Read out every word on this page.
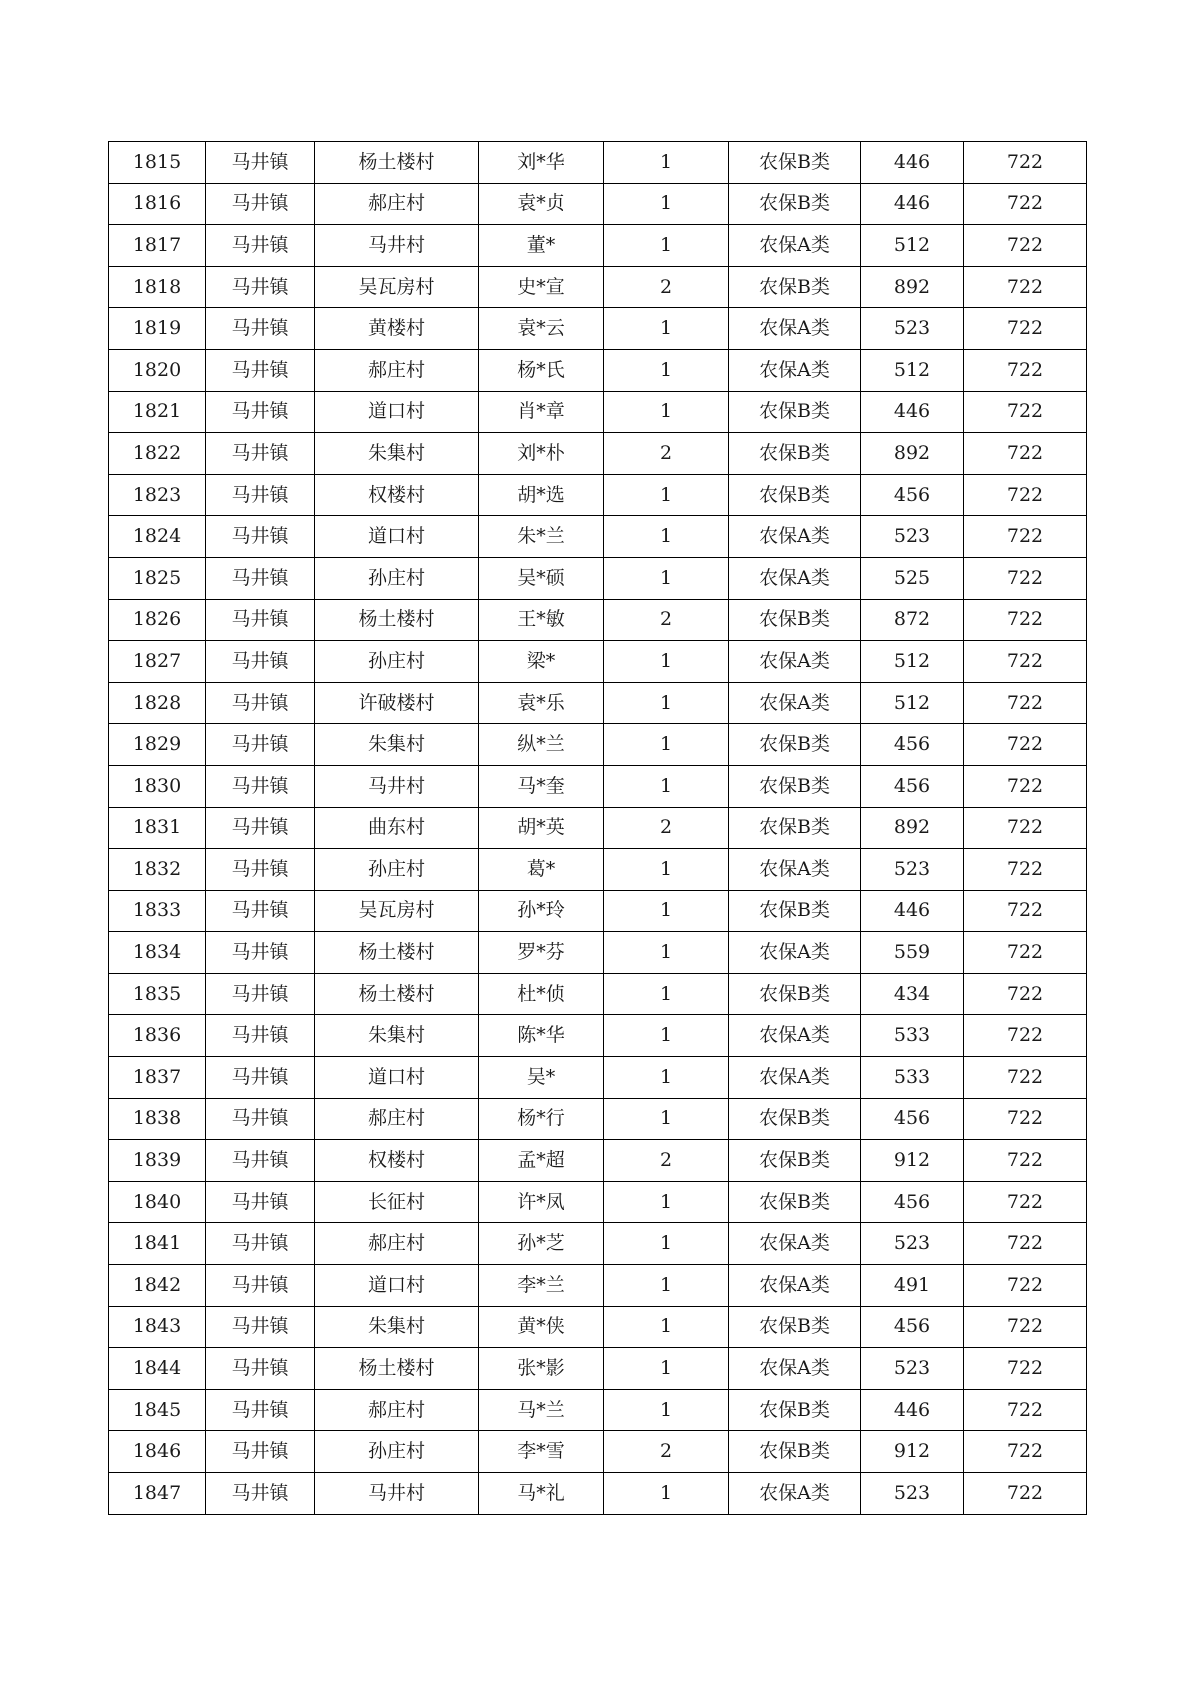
1815	马井镇	杨土楼村	刘*华	1	农保B类	446	722
1816	马井镇	郝庄村	袁*贞	1	农保B类	446	722
1817	马井镇	马井村	董*	1	农保A类	512	722
1818	马井镇	吴瓦房村	史*宣	2	农保B类	892	722
1819	马井镇	黄楼村	袁*云	1	农保A类	523	722
1820	马井镇	郝庄村	杨*氏	1	农保A类	512	722
1821	马井镇	道口村	肖*章	1	农保B类	446	722
1822	马井镇	朱集村	刘*朴	2	农保B类	892	722
1823	马井镇	权楼村	胡*选	1	农保B类	456	722
1824	马井镇	道口村	朱*兰	1	农保A类	523	722
1825	马井镇	孙庄村	吴*硕	1	农保A类	525	722
1826	马井镇	杨土楼村	王*敏	2	农保B类	872	722
1827	马井镇	孙庄村	梁*	1	农保A类	512	722
1828	马井镇	许破楼村	袁*乐	1	农保A类	512	722
1829	马井镇	朱集村	纵*兰	1	农保B类	456	722
1830	马井镇	马井村	马*奎	1	农保B类	456	722
1831	马井镇	曲东村	胡*英	2	农保B类	892	722
1832	马井镇	孙庄村	葛*	1	农保A类	523	722
1833	马井镇	吴瓦房村	孙*玲	1	农保B类	446	722
1834	马井镇	杨土楼村	罗*芬	1	农保A类	559	722
1835	马井镇	杨土楼村	杜*侦	1	农保B类	434	722
1836	马井镇	朱集村	陈*华	1	农保A类	533	722
1837	马井镇	道口村	吴*	1	农保A类	533	722
1838	马井镇	郝庄村	杨*行	1	农保B类	456	722
1839	马井镇	权楼村	孟*超	2	农保B类	912	722
1840	马井镇	长征村	许*凤	1	农保B类	456	722
1841	马井镇	郝庄村	孙*芝	1	农保A类	523	722
1842	马井镇	道口村	李*兰	1	农保A类	491	722
1843	马井镇	朱集村	黄*侠	1	农保B类	456	722
1844	马井镇	杨土楼村	张*影	1	农保A类	523	722
1845	马井镇	郝庄村	马*兰	1	农保B类	446	722
1846	马井镇	孙庄村	李*雪	2	农保B类	912	722
1847	马井镇	马井村	马*礼	1	农保A类	523	722
